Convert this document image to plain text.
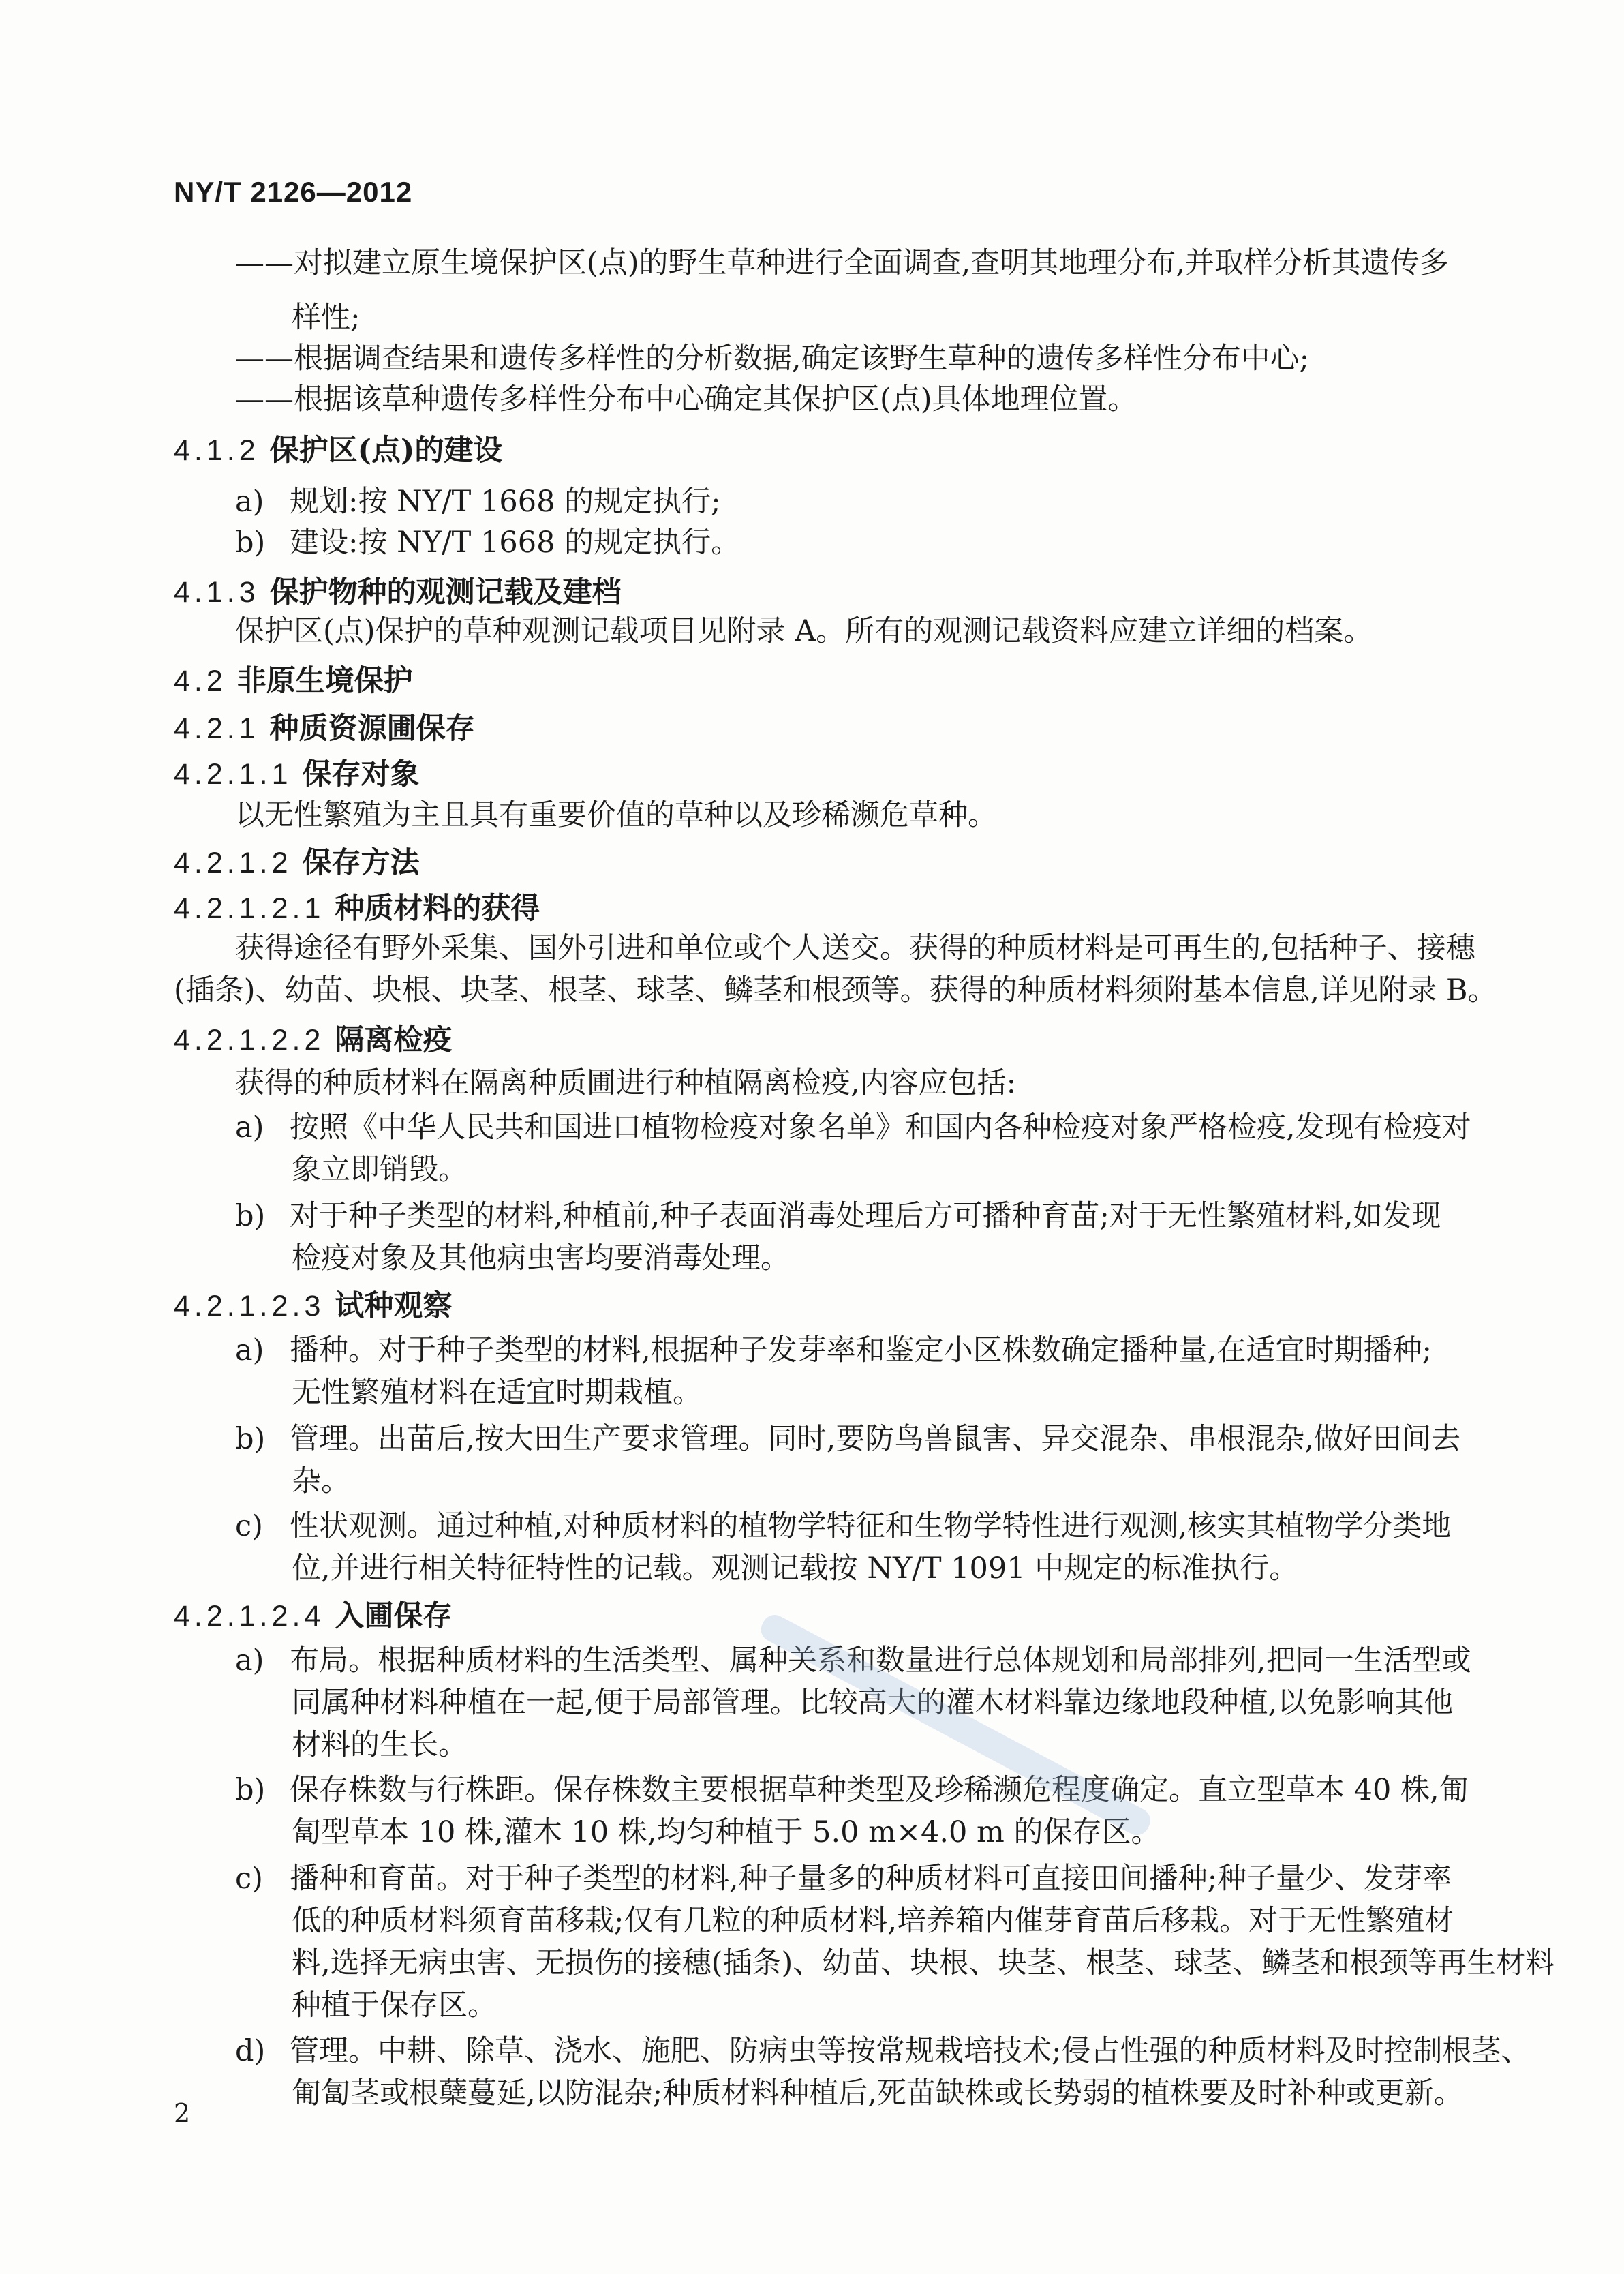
NY/T 2126—2012
——对拟建立原生境保护区(点)的野生草种进行全面调查,查明其地理分布,并取样分析其遗传多
样性;
——根据调查结果和遗传多样性的分析数据,确定该野生草种的遗传多样性分布中心;
——根据该草种遗传多样性分布中心确定其保护区(点)具体地理位置。
4.1.2 保护区(点)的建设
a) 规划:按 NY/T 1668 的规定执行;
b) 建设:按 NY/T 1668 的规定执行。
4.1.3 保护物种的观测记载及建档
保护区(点)保护的草种观测记载项目见附录 A。所有的观测记载资料应建立详细的档案。
4.2 非原生境保护
4.2.1 种质资源圃保存
4.2.1.1 保存对象
以无性繁殖为主且具有重要价值的草种以及珍稀濒危草种。
4.2.1.2 保存方法
4.2.1.2.1 种质材料的获得
获得途径有野外采集、国外引进和单位或个人送交。获得的种质材料是可再生的,包括种子、接穗
(插条)、幼苗、块根、块茎、根茎、球茎、鳞茎和根颈等。获得的种质材料须附基本信息,详见附录 B。
4.2.1.2.2 隔离检疫
获得的种质材料在隔离种质圃进行种植隔离检疫,内容应包括:
a) 按照《中华人民共和国进口植物检疫对象名单》和国内各种检疫对象严格检疫,发现有检疫对
象立即销毁。
b) 对于种子类型的材料,种植前,种子表面消毒处理后方可播种育苗;对于无性繁殖材料,如发现
检疫对象及其他病虫害均要消毒处理。
4.2.1.2.3 试种观察
a) 播种。对于种子类型的材料,根据种子发芽率和鉴定小区株数确定播种量,在适宜时期播种;
无性繁殖材料在适宜时期栽植。
b) 管理。出苗后,按大田生产要求管理。同时,要防鸟兽鼠害、异交混杂、串根混杂,做好田间去
杂。
c) 性状观测。通过种植,对种质材料的植物学特征和生物学特性进行观测,核实其植物学分类地
位,并进行相关特征特性的记载。观测记载按 NY/T 1091 中规定的标准执行。
4.2.1.2.4 入圃保存
a) 布局。根据种质材料的生活类型、属种关系和数量进行总体规划和局部排列,把同一生活型或
同属种材料种植在一起,便于局部管理。比较高大的灌木材料靠边缘地段种植,以免影响其他
材料的生长。
b) 保存株数与行株距。保存株数主要根据草种类型及珍稀濒危程度确定。直立型草本 40 株,匍
匐型草本 10 株,灌木 10 株,均匀种植于 5.0 m×4.0 m 的保存区。
c) 播种和育苗。对于种子类型的材料,种子量多的种质材料可直接田间播种;种子量少、发芽率
低的种质材料须育苗移栽;仅有几粒的种质材料,培养箱内催芽育苗后移栽。对于无性繁殖材
料,选择无病虫害、无损伤的接穗(插条)、幼苗、块根、块茎、根茎、球茎、鳞茎和根颈等再生材料
种植于保存区。
d) 管理。中耕、除草、浇水、施肥、防病虫等按常规栽培技术;侵占性强的种质材料及时控制根茎、
匍匐茎或根蘖蔓延,以防混杂;种质材料种植后,死苗缺株或长势弱的植株要及时补种或更新。
2
